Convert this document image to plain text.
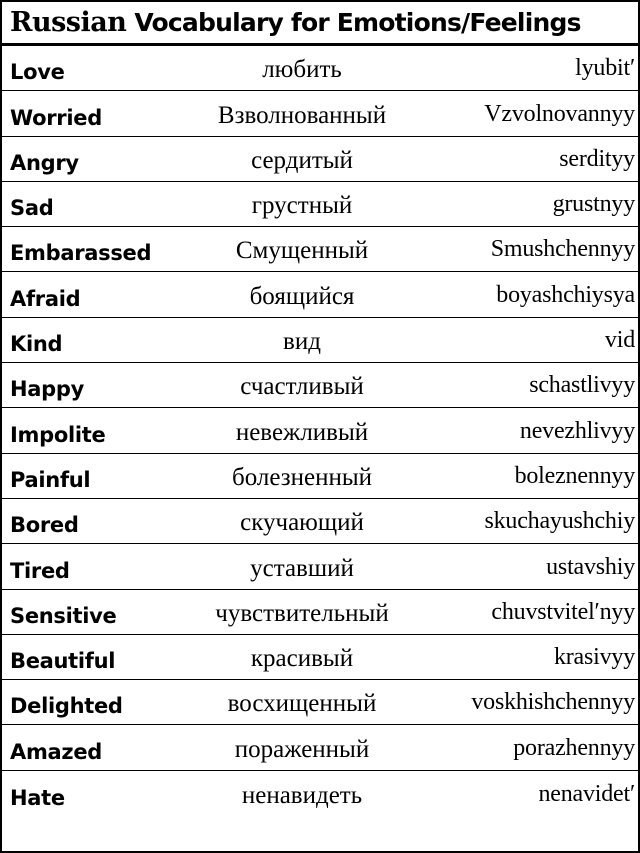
Russian Vocabulary for Emotions/Feelings
Love	любить	lyubit′
Worried	Взволнованный	Vzvolnovannyy
Angry	сердитый	serdityy
Sad	грустный	grustnyy
Embarassed	Смущенный	Smushchennyy
Afraid	боящийся	boyashchiysya
Kind	вид	vid
Happy	счастливый	schastlivyy
Impolite	невежливый	nevezhlivyy
Painful	болезненный	boleznennyy
Bored	скучающий	skuchayushchiy
Tired	уставший	ustavshiy
Sensitive	чувствительный	chuvstvitel′nyy
Beautiful	красивый	krasivyy
Delighted	восхищенный	voskhishchennyy
Amazed	пораженный	porazhennyy
Hate	ненавидеть	nenavidet′
